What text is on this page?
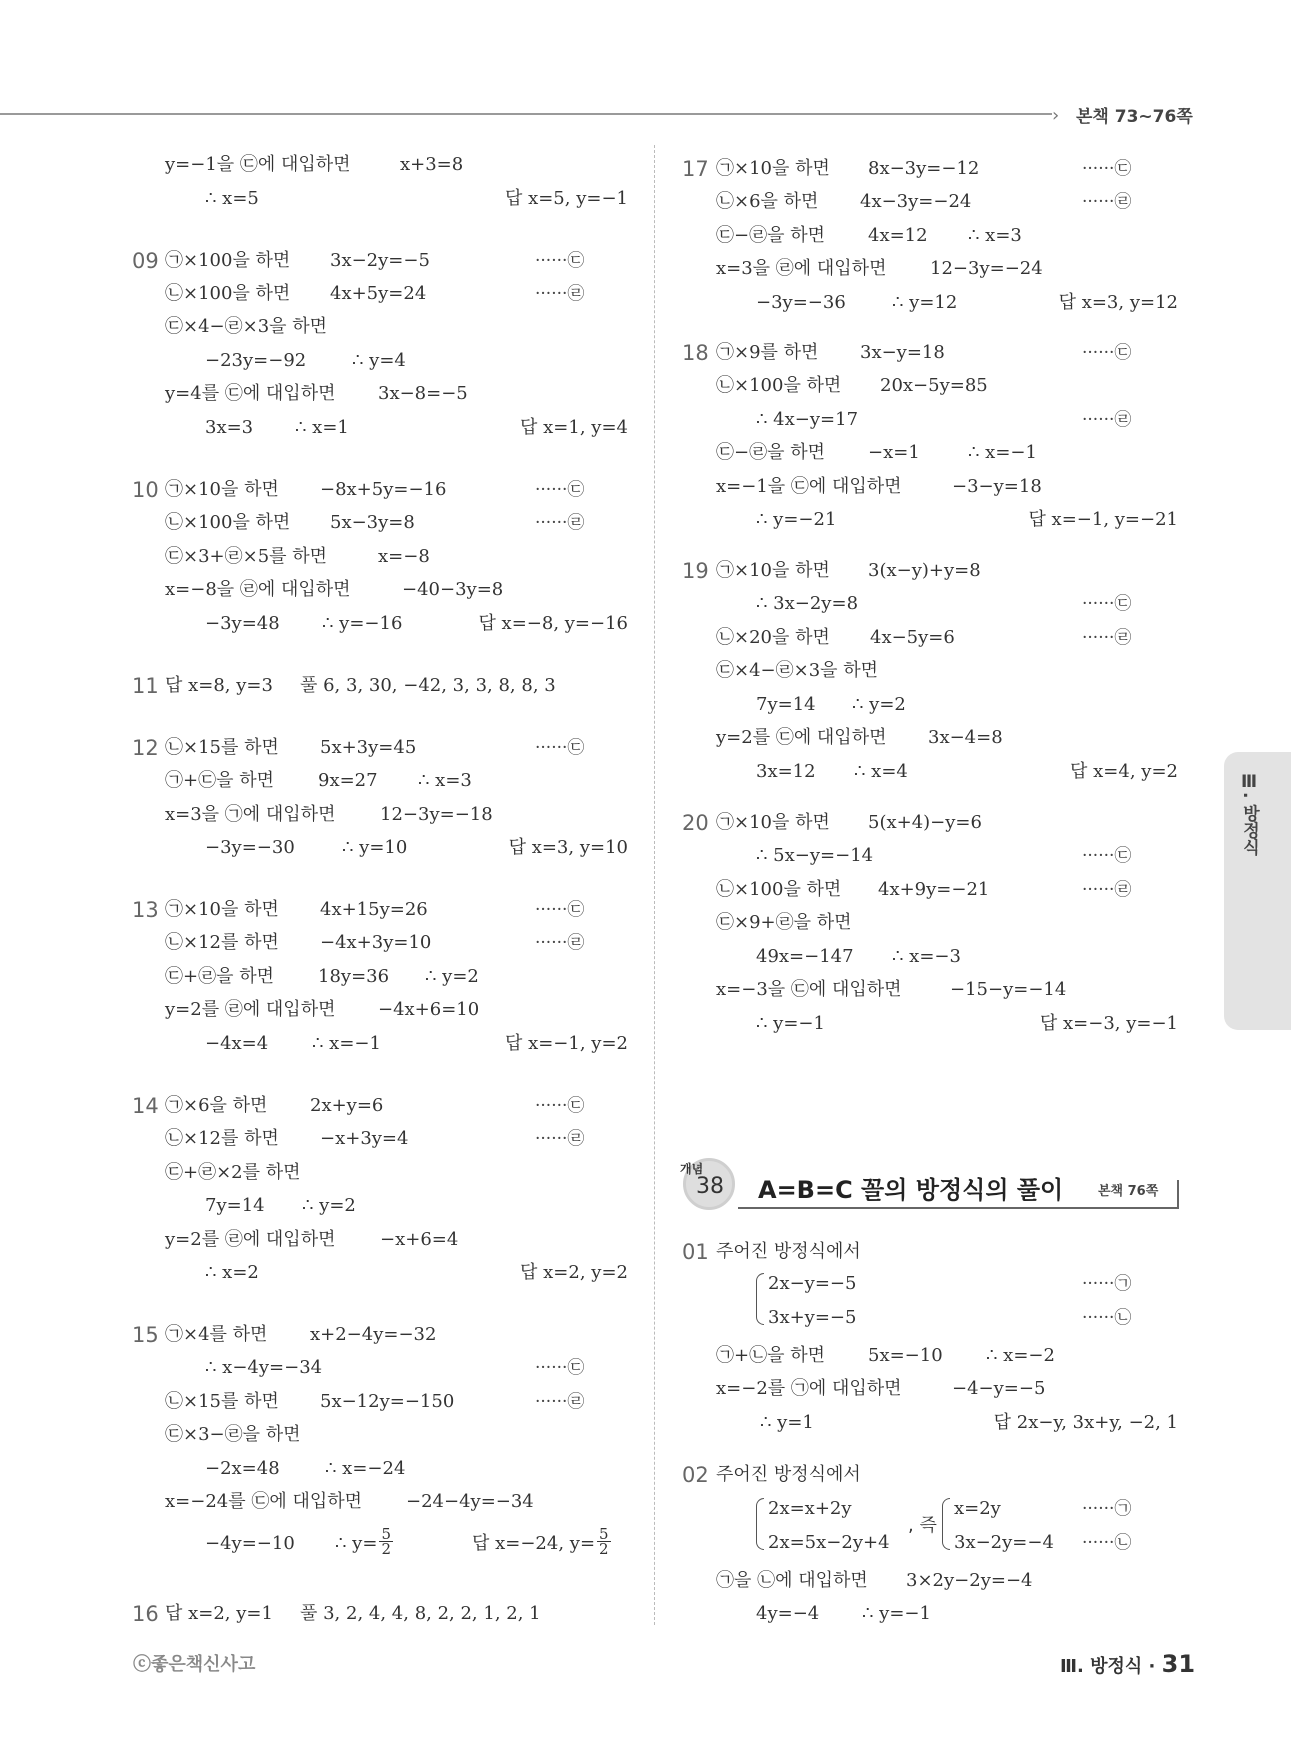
› 본책 73~76쪽
y=−1을 ㉢에 대입하면	x+3=8
∴ x=5	답 x=5, y=−1
09 ㉠×100을 하면 3x−2y=−5	······㉢
㉡×100을 하면 4x+5y=24	······㉣
㉢×4−㉣×3을 하면
−23y=−92	∴ y=4
y=4를 ㉢에 대입하면 3x−8=−5
3x=3 ∴ x=1	답 x=1, y=4
10 ㉠×10을 하면 −8x+5y=−16	······㉢
㉡×100을 하면 5x−3y=8	······㉣
㉢×3+㉣×5를 하면	x=−8
x=−8을 ㉣에 대입하면	−40−3y=8
−3y=48 ∴ y=−16	답 x=−8, y=−16
11 답 x=8, y=3 풀 6, 3, 30, −42, 3, 3, 8, 8, 3
12 ㉡×15를 하면 5x+3y=45	······㉢
㉠+㉢을 하면 9x=27 ∴ x=3
x=3을 ㉠에 대입하면 12−3y=−18
−3y=−30	∴ y=10	답 x=3, y=10
13 ㉠×10을 하면 4x+15y=26	······㉢
㉡×12를 하면 −4x+3y=10	······㉣
㉢+㉣을 하면 18y=36 ∴ y=2
y=2를 ㉣에 대입하면 −4x+6=10
−4x=4 ∴ x=−1	답 x=−1, y=2
14 ㉠×6을 하면 2x+y=6	······㉢
㉡×12를 하면 −x+3y=4	······㉣
㉢+㉣×2를 하면
7y=14 ∴ y=2
y=2를 ㉣에 대입하면 −x+6=4
∴ x=2	답 x=2, y=2
15 ㉠×4를 하면 x+2−4y=−32
∴ x−4y=−34	······㉢
㉡×15를 하면 5x−12y=−150	······㉣
㉢×3−㉣을 하면
−2x=48	∴ x=−24
x=−24를 ㉢에 대입하면 −24−4y=−34
−4y=−10 ∴ $y= \frac{5}{2}$	답 x=−24, $y= \frac{5}{2}$
16 답 x=2, y=1 풀 3, 2, 4, 4, 8, 2, 2, 1, 2, 1
17 ㉠×10을 하면 8x−3y=−12	······㉢
㉡×6을 하면 4x−3y=−24	······㉣
㉢−㉣을 하면 4x=12 ∴ x=3
x=3을 ㉣에 대입하면 12−3y=−24
−3y=−36	∴ y=12	답 x=3, y=12
18 ㉠×9를 하면 3x−y=18	······㉢
㉡×100을 하면 20x−5y=85
∴ 4x−y=17	······㉣
㉢−㉣을 하면 −x=1	∴ x=−1
x=−1을 ㉢에 대입하면	−3−y=18
∴ y=−21	답 x=−1, y=−21
19 ㉠×10을 하면 3(x−y)+y=8
∴ 3x−2y=8	······㉢
㉡×20을 하면 4x−5y=6	······㉣
㉢×4−㉣×3을 하면
7y=14 ∴ y=2
y=2를 ㉢에 대입하면 3x−4=8
3x=12 ∴ x=4	답 x=4, y=2
20 ㉠×10을 하면 5(x+4)−y=6
∴ 5x−y=−14	······㉢
㉡×100을 하면 4x+9y=−21	······㉣
㉢×9+㉣을 하면
49x=−147 ∴ x=−3
x=−3을 ㉢에 대입하면	−15−y=−14
∴ y=−1	답 x=−3, y=−1
개념
38 A=B=C 꼴의 방정식의 풀이	본책 76쪽
01 주어진 방정식에서
2x−y=−5	······㉠
3x+y=−5	······㉡
㉠+㉡을 하면 5x=−10 ∴ x=−2
x=−2를 ㉠에 대입하면	−4−y=−5
∴ y=1	답 2x−y, 3x+y, −2, 1
02 주어진 방정식에서
2x=x+2y
2x=5x−2y+4
, 즉
x=2y	······㉠
3x−2y=−4 ······㉡
㉠을 ㉡에 대입하면 3×2y−2y=−4
4y=−4 ∴ y=−1
Ⅲ. 방정식
ⓒ좋은책신사고	Ⅲ. 방정식 · 31
